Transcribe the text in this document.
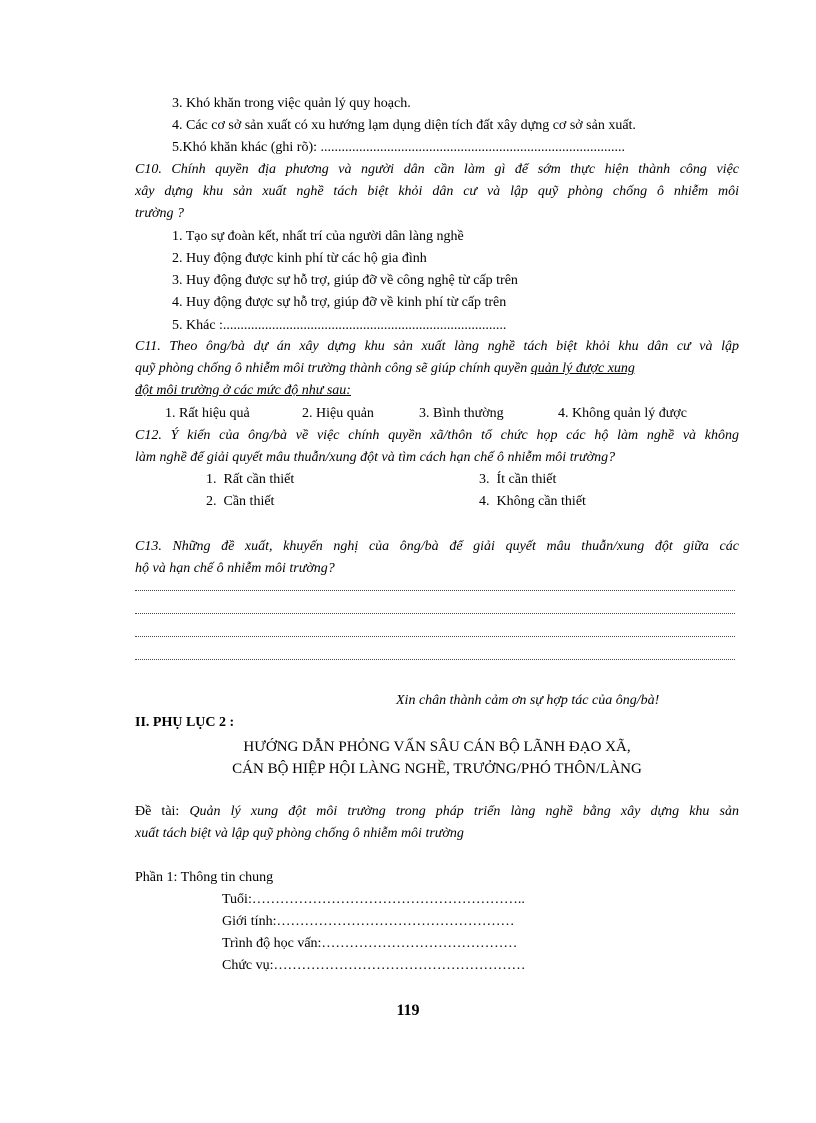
3. Khó khăn trong việc quản lý quy hoạch.
4. Các cơ sở sản xuất có xu hướng lạm dụng diện tích đất xây dựng cơ sở sản xuất.
5.Khó khăn khác (ghi rõ): .......................................................................................
C10. Chính quyền địa phương và người dân cần làm gì để sớm thực hiện thành công việc
xây dựng khu sản xuất nghề tách biệt khỏi dân cư và lập quỹ phòng chống ô nhiễm môi
trường ?
1. Tạo sự đoàn kết, nhất trí của người dân làng nghề
2. Huy động được kinh phí từ các hộ gia đình
3. Huy động được sự hỗ trợ, giúp đỡ về công nghệ từ cấp trên
4. Huy động được sự hỗ trợ, giúp đỡ về kinh phí từ cấp trên
5. Khác :.................................................................................
C11. Theo ông/bà dự án xây dựng khu sản xuất làng nghề tách biệt khỏi khu dân cư và lập
quỹ phòng chống ô nhiễm môi trường thành công sẽ giúp chính quyền quản lý được xung
đột môi trường ở các mức độ như sau:
1. Rất hiệu quả	2. Hiệu quản	3. Bình thường	4. Không quản lý được
C12. Ý kiến của ông/bà về việc chính quyền xã/thôn tổ chức họp các hộ làm nghề và không
làm nghề để giải quyết mâu thuẫn/xung đột và tìm cách hạn chế ô nhiễm môi trường?
1. Rất cần thiết	3. Ít cần thiết
2. Cần thiết	4. Không cần thiết
C13. Những đề xuất, khuyến nghị của ông/bà để giải quyết mâu thuẫn/xung đột giữa các
hộ và hạn chế ô nhiễm môi trường?
Xin chân thành cảm ơn sự hợp tác của ông/bà!
II. PHỤ LỤC 2 :
HƯỚNG DẪN PHỎNG VẤN SÂU CÁN BỘ LÃNH ĐẠO XÃ,
CÁN BỘ HIỆP HỘI LÀNG NGHỀ, TRƯỞNG/PHÓ THÔN/LÀNG
Đề tài: Quản lý xung đột môi trường trong pháp triển làng nghề bằng xây dựng khu sản
xuất tách biệt và lập quỹ phòng chống ô nhiễm môi trường
Phần 1: Thông tin chung
Tuổi:…………………………………………………..
Giới tính:……………………………………………
Trình độ học vấn:……………………………………
Chức vụ:………………………………………………
119
